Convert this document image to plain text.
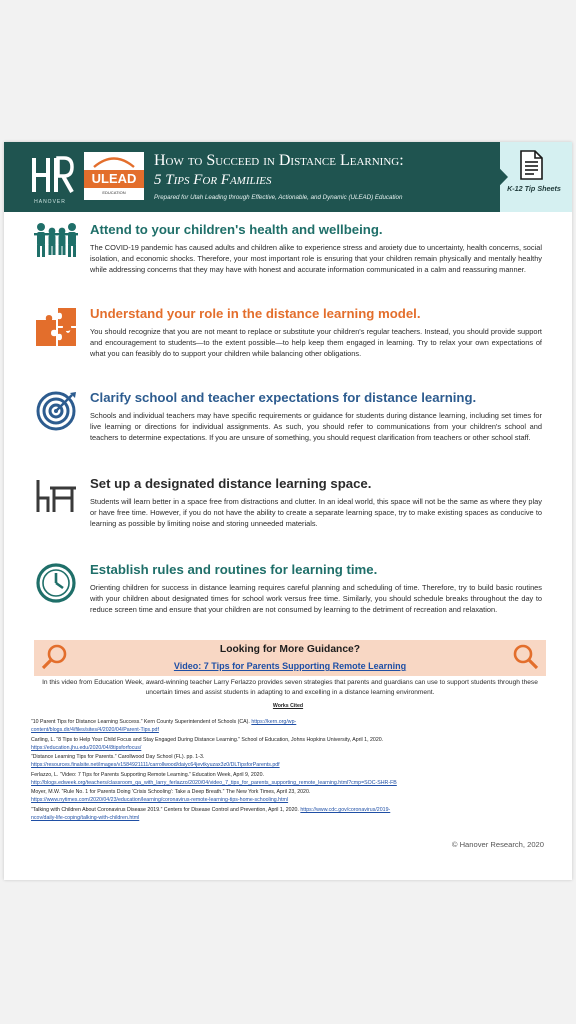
HANOVER
ULEAD
EDUCATION
How to Succeed in Distance Learning:
5 Tips For Families
Prepared for Utah Leading through Effective, Actionable, and Dynamic (ULEAD) Education
K-12 Tip Sheets
Attend to your children's health and wellbeing.
The COVID-19 pandemic has caused adults and children alike to experience stress and anxiety due to uncertainty, health concerns, social isolation, and economic shocks. Therefore, your most important role is ensuring that your children remain physically and mentally healthy while addressing concerns that they may have with honest and accurate information communicated in a calm and reassuring manner.
Understand your role in the distance learning model.
You should recognize that you are not meant to replace or substitute your children's regular teachers. Instead, you should provide support and encouragement to students—to the extent possible—to help keep them engaged in learning. Try to relax your own expectations of what you can feasibly do to support your children while balancing other obligations.
Clarify school and teacher expectations for distance learning.
Schools and individual teachers may have specific requirements or guidance for students during distance learning, including set times for live learning or directions for individual assignments. As such, you should refer to communications from your children's school and teachers to determine expectations. If you are unsure of something, you should request clarification from teachers or other school staff.
Set up a designated distance learning space.
Students will learn better in a space free from distractions and clutter. In an ideal world, this space will not be the same as where they play or have free time. However, if you do not have the ability to create a separate learning space, try to make existing spaces as conducive to learning as possible by limiting noise and storing unneeded materials.
Establish rules and routines for learning time.
Orienting children for success in distance learning requires careful planning and scheduling of time. Therefore, try to build basic routines with your children about designated times for school work versus free time. Similarly, you should schedule breaks throughout the day to reduce screen time and ensure that your children are not consumed by learning to the detriment of recreation and relaxation.
Looking for More Guidance?
Video: 7 Tips for Parents Supporting Remote Learning
In this video from Education Week, award-winning teacher Larry Ferlazzo provides seven strategies that parents and guardians can use to support students through these uncertain times and assist students in adapting to and excelling in a distance learning environment.
Works Cited
“10 Parent Tips for Distance Learning Success.” Kern County Superintendent of Schools (CA). https://kern.org/wp-
content/blogs.dir/4/files/sites/4/2020/04/Parent-Tips.pdf
Carling, L. “8 Tips to Help Your Child Focus and Stay Engaged During Distance Learning.” School of Education, Johns Hopkins University, April 1, 2020.
https://education.jhu.edu/2020/04/8tipsforfocus/
“Distance Learning Tips for Parents.” Carollwood Day School (FL). pp. 1-3.
https://resources.finalsite.net/images/v1584921111/carrollwood/daiyc64jevtkyuzax3z0/DLTipsforParents.pdf
Ferlazzo, L. “Video: 7 Tips for Parents Supporting Remote Learning.” Education Week, April 9, 2020.
http://blogs.edweek.org/teachers/classroom_qa_with_larry_ferlazzo/2020/04/video_7_tips_for_parents_supporting_remote_learning.html?cmp=SOC-SHR-FB
Moyer, M.W. “Rule No. 1 for Parents Doing ‘Crisis Schooling’: Take a Deep Breath.” The New York Times, April 23, 2020.
https://www.nytimes.com/2020/04/23/education/learning/coronavirus-remote-learning-tips-home-schooling.html
“Talking with Children About Coronavirus Disease 2019.” Centers for Disease Control and Prevention, April 1, 2020. https://www.cdc.gov/coronavirus/2019-
ncov/daily-life-coping/talking-with-children.html
© Hanover Research, 2020
